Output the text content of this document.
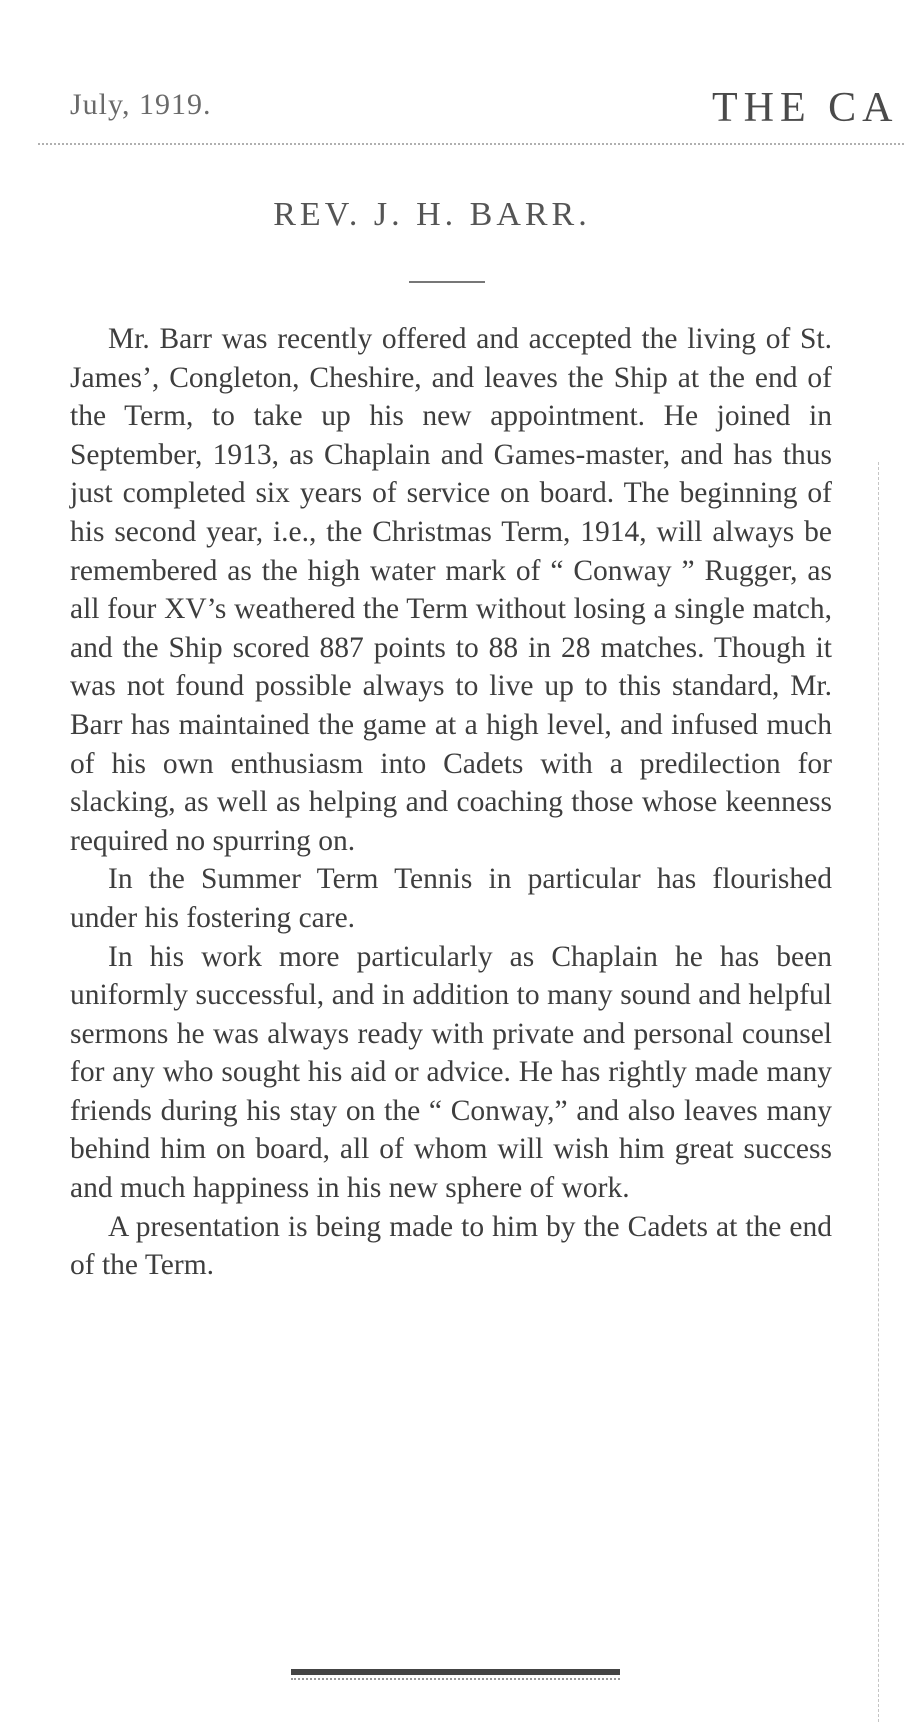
July, 1919.	THE CA
REV. J. H. BARR.

Mr. Barr was recently offered and accepted the living of St. James’, Congleton, Cheshire, and leaves the Ship at the end of the Term, to take up his new appointment. He joined in September, 1913, as Chaplain and Games-master, and has thus just completed six years of service on board. The beginning of his second year, i.e., the Christmas Term, 1914, will always be remembered as the high water mark of “ Conway ” Rugger, as all four XV’s weathered the Term without losing a single match, and the Ship scored 887 points to 88 in 28 matches. Though it was not found possible always to live up to this standard, Mr. Barr has maintained the game at a high level, and infused much of his own enthusiasm into Cadets with a predilection for slacking, as well as helping and coaching those whose keenness required no spurring on.

In the Summer Term Tennis in particular has flourished under his fostering care.

In his work more particularly as Chaplain he has been uniformly successful, and in addition to many sound and helpful sermons he was always ready with private and personal counsel for any who sought his aid or advice. He has rightly made many friends during his stay on the “ Conway,” and also leaves many behind him on board, all of whom will wish him great success and much happiness in his new sphere of work.

A presentation is being made to him by the Cadets at the end of the Term.
